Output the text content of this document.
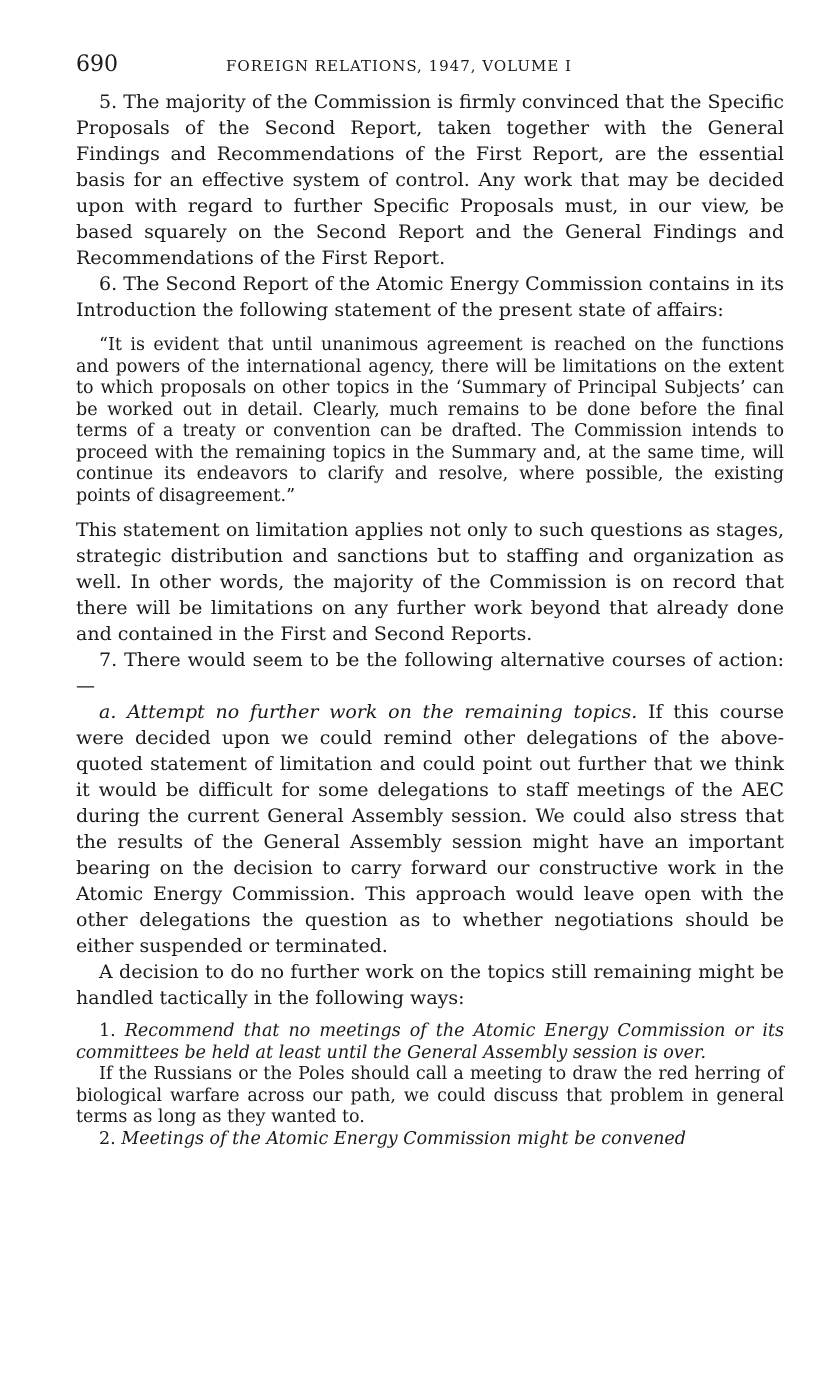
690	FOREIGN RELATIONS, 1947, VOLUME I

5. The majority of the Commission is firmly convinced that the Specific Proposals of the Second Report, taken together with the General Findings and Recommendations of the First Report, are the essential basis for an effective system of control. Any work that may be decided upon with regard to further Specific Proposals must, in our view, be based squarely on the Second Report and the General Findings and Recommendations of the First Report.

6. The Second Report of the Atomic Energy Commission contains in its Introduction the following statement of the present state of affairs:

“It is evident that until unanimous agreement is reached on the functions and powers of the international agency, there will be limitations on the extent to which proposals on other topics in the ‘Summary of Principal Subjects’ can be worked out in detail. Clearly, much remains to be done before the final terms of a treaty or convention can be drafted. The Commission intends to proceed with the remaining topics in the Summary and, at the same time, will continue its endeavors to clarify and resolve, where possible, the existing points of disagreement.”

This statement on limitation applies not only to such questions as stages, strategic distribution and sanctions but to staffing and organization as well. In other words, the majority of the Commission is on record that there will be limitations on any further work beyond that already done and contained in the First and Second Reports.

7. There would seem to be the following alternative courses of action:—

a. Attempt no further work on the remaining topics. If this course were decided upon we could remind other delegations of the above-quoted statement of limitation and could point out further that we think it would be difficult for some delegations to staff meetings of the AEC during the current General Assembly session. We could also stress that the results of the General Assembly session might have an important bearing on the decision to carry forward our constructive work in the Atomic Energy Commission. This approach would leave open with the other delegations the question as to whether negotiations should be either suspended or terminated.

A decision to do no further work on the topics still remaining might be handled tactically in the following ways:

1. Recommend that no meetings of the Atomic Energy Commission or its committees be held at least until the General Assembly session is over.

If the Russians or the Poles should call a meeting to draw the red herring of biological warfare across our path, we could discuss that problem in general terms as long as they wanted to.

2. Meetings of the Atomic Energy Commission might be convened
